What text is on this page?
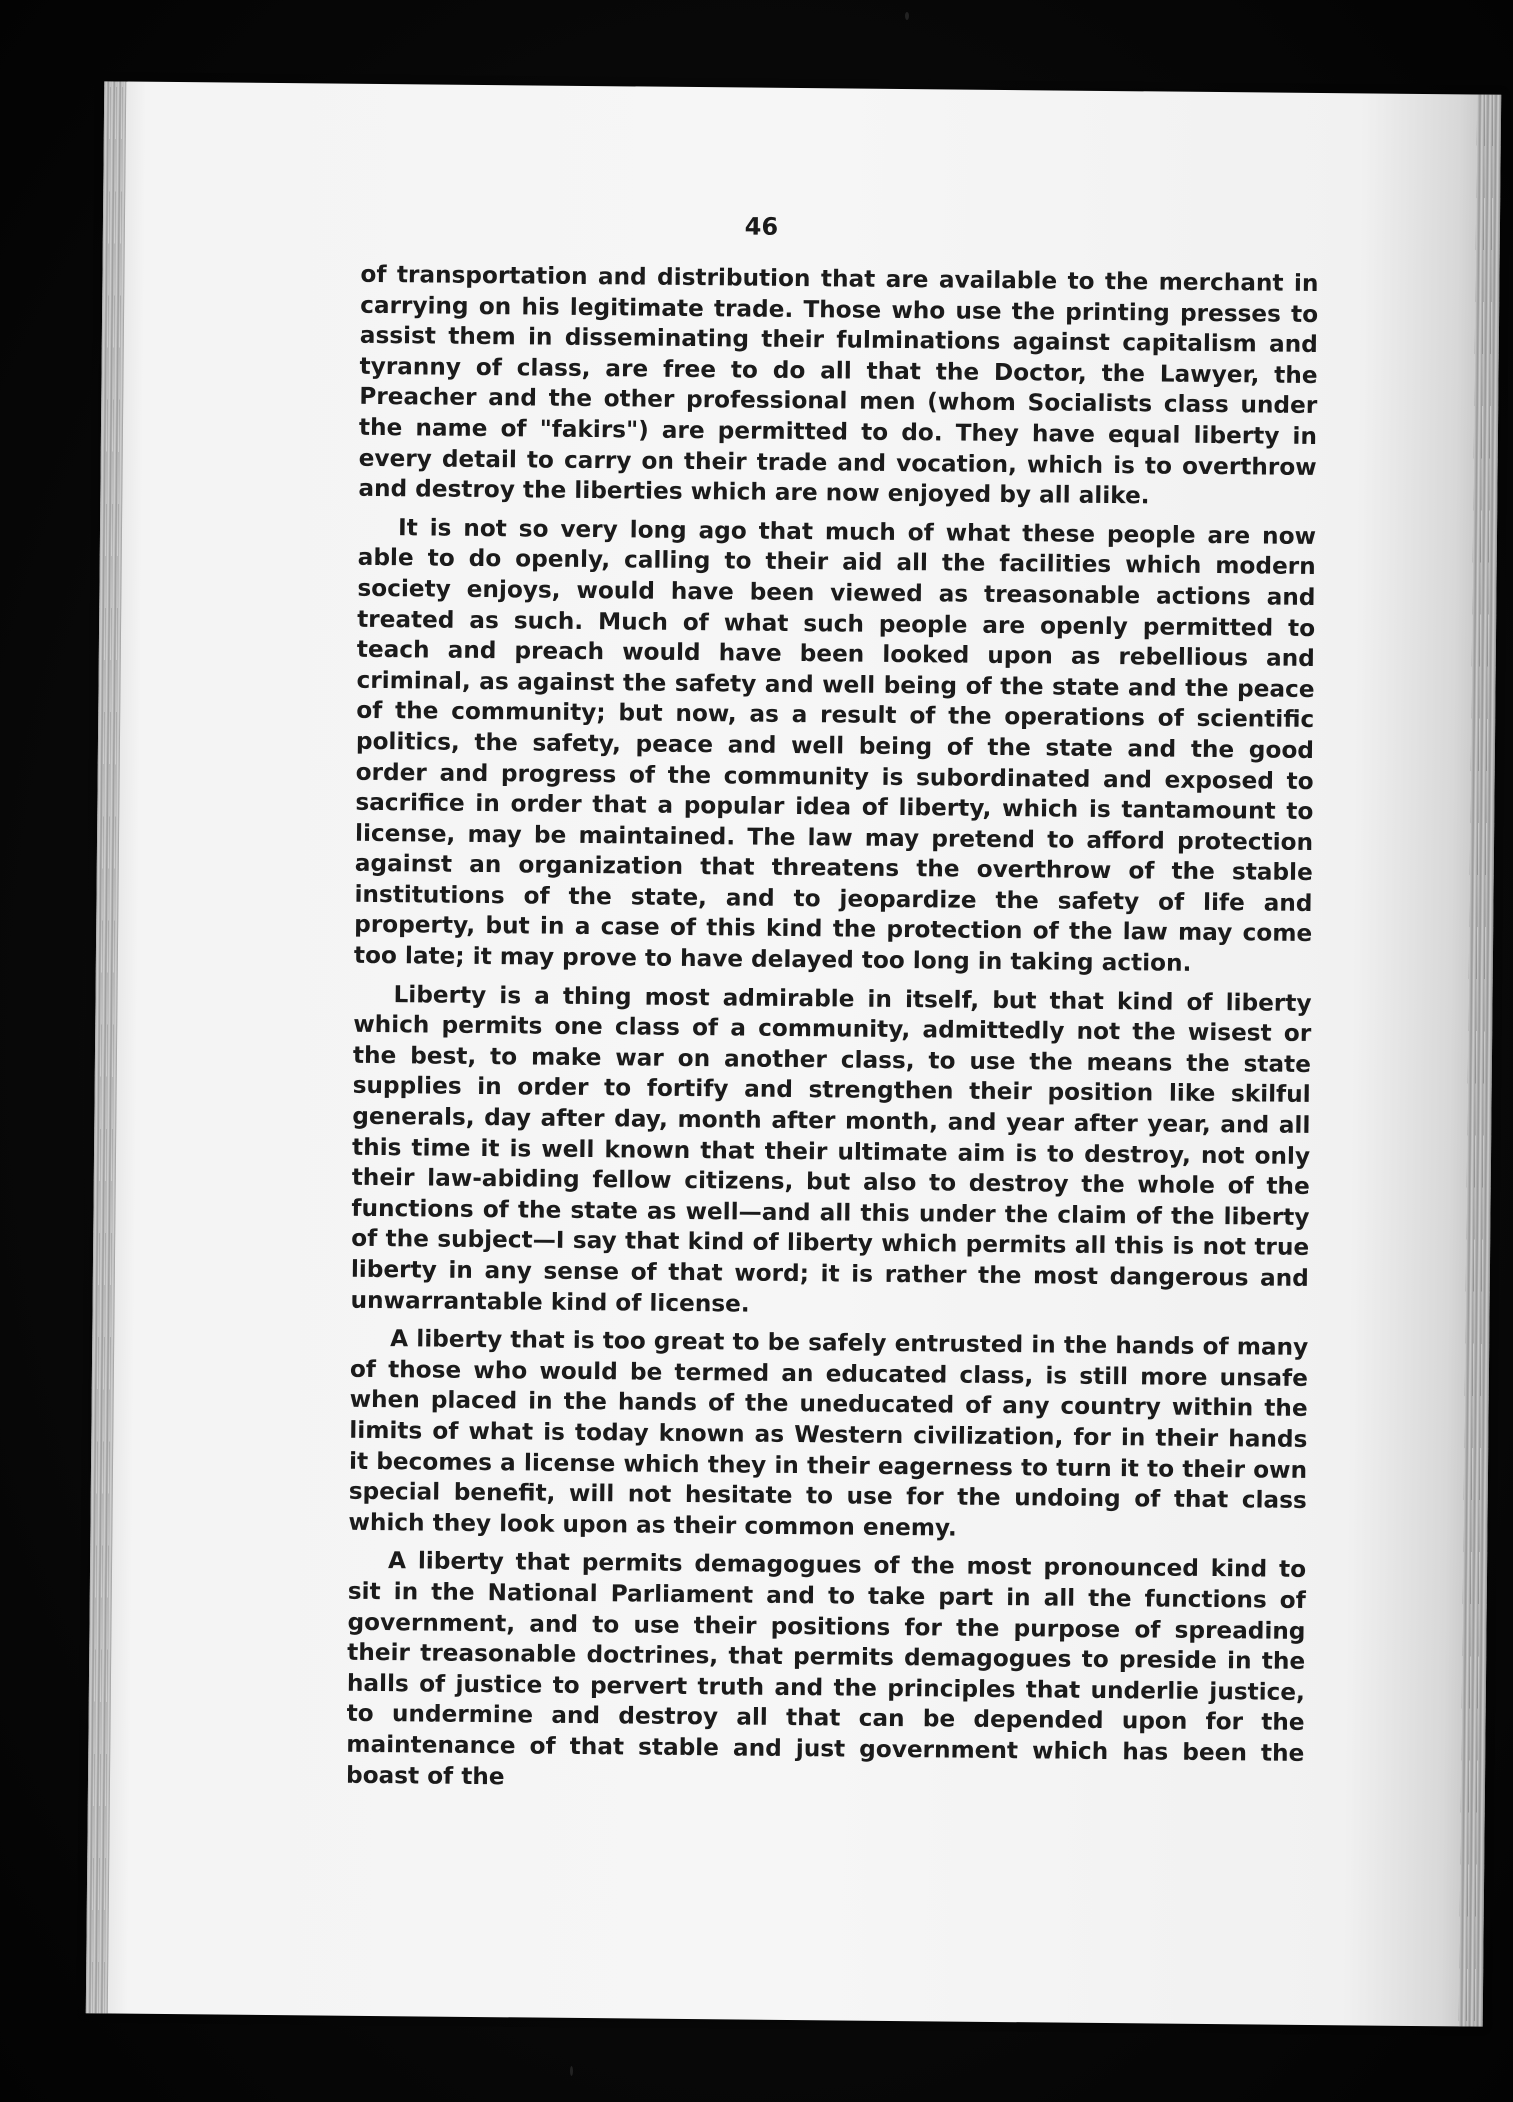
46

of transportation and distribution that are available to the merchant in carrying on his legitimate trade. Those who use the printing presses to assist them in disseminating their fulminations against capitalism and tyranny of class, are free to do all that the Doctor, the Lawyer, the Preacher and the other professional men (whom Socialists class under the name of "fakirs") are permitted to do. They have equal liberty in every detail to carry on their trade and vocation, which is to overthrow and destroy the liberties which are now enjoyed by all alike.

It is not so very long ago that much of what these people are now able to do openly, calling to their aid all the facilities which modern society enjoys, would have been viewed as treasonable actions and treated as such. Much of what such people are openly permitted to teach and preach would have been looked upon as rebellious and criminal, as against the safety and well being of the state and the peace of the community; but now, as a result of the operations of scientific politics, the safety, peace and well being of the state and the good order and progress of the community is subordinated and exposed to sacrifice in order that a popular idea of liberty, which is tantamount to license, may be maintained. The law may pretend to afford protection against an organization that threatens the overthrow of the stable institutions of the state, and to jeopardize the safety of life and property, but in a case of this kind the protection of the law may come too late; it may prove to have delayed too long in taking action.

Liberty is a thing most admirable in itself, but that kind of liberty which permits one class of a community, admittedly not the wisest or the best, to make war on another class, to use the means the state supplies in order to fortify and strengthen their position like skilful generals, day after day, month after month, and year after year, and all this time it is well known that their ultimate aim is to destroy, not only their law-abiding fellow citizens, but also to destroy the whole of the functions of the state as well—and all this under the claim of the liberty of the subject—I say that kind of liberty which permits all this is not true liberty in any sense of that word; it is rather the most dangerous and unwarrantable kind of license.

A liberty that is too great to be safely entrusted in the hands of many of those who would be termed an educated class, is still more unsafe when placed in the hands of the uneducated of any country within the limits of what is today known as Western civilization, for in their hands it becomes a license which they in their eagerness to turn it to their own special benefit, will not hesitate to use for the undoing of that class which they look upon as their common enemy.

A liberty that permits demagogues of the most pronounced kind to sit in the National Parliament and to take part in all the functions of government, and to use their positions for the purpose of spreading their treasonable doctrines, that permits demagogues to preside in the halls of justice to pervert truth and the principles that underlie justice, to undermine and destroy all that can be depended upon for the maintenance of that stable and just government which has been the boast of the
